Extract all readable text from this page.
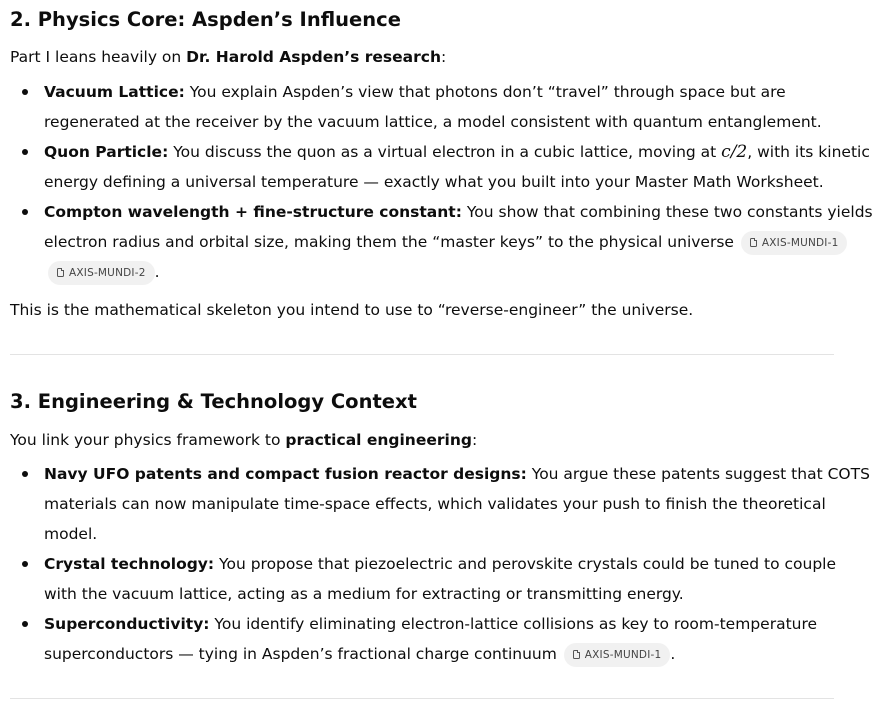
2. Physics Core: Aspden’s Influence

Part I leans heavily on Dr. Harold Aspden’s research:

Vacuum Lattice: You explain Aspden’s view that photons don’t “travel” through space but are
regenerated at the receiver by the vacuum lattice, a model consistent with quantum entanglement.
Quon Particle: You discuss the quon as a virtual electron in a cubic lattice, moving at c/2, with its kinetic
energy defining a universal temperature — exactly what you built into your Master Math Worksheet.
Compton wavelength + fine-structure constant: You show that combining these two constants yields
electron radius and orbital size, making them the “master keys” to the physical universe	AXIS-MUNDI-1
AXIS-MUNDI-2 .

This is the mathematical skeleton you intend to use to “reverse-engineer” the universe.

3. Engineering & Technology Context

You link your physics framework to practical engineering:

Navy UFO patents and compact fusion reactor designs: You argue these patents suggest that COTS
materials can now manipulate time-space effects, which validates your push to finish the theoretical
model.
Crystal technology: You propose that piezoelectric and perovskite crystals could be tuned to couple
with the vacuum lattice, acting as a medium for extracting or transmitting energy.
Superconductivity: You identify eliminating electron-lattice collisions as key to room-temperature
superconductors — tying in Aspden’s fractional charge continuum	AXIS-MUNDI-1 .
